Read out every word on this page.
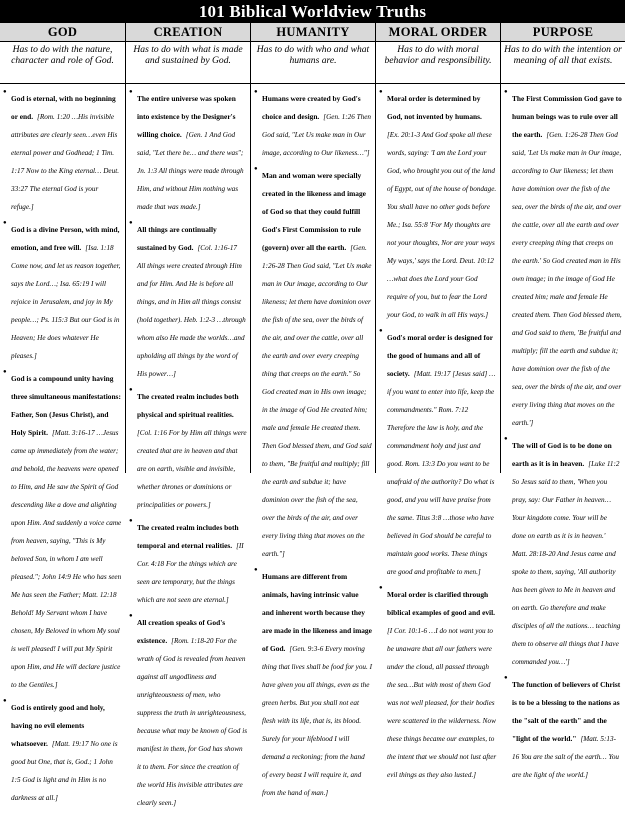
101 Biblical Worldview Truths
GOD
Has to do with the nature, character and role of God.
● God is eternal, with no beginning or end. [Rom. 1:20 …His invisible attributes are clearly seen…even His eternal power and Godhead; 1 Tim. 1:17 Now to the King eternal… Deut. 33:27 The eternal God is your refuge.]
● God is a divine Person, with mind, emotion, and free will. [Isa. 1:18 Come now, and let us reason together, says the Lord…; Isa. 65:19 I will rejoice in Jerusalem, and joy in My people…; Ps. 115:3 But our God is in Heaven; He does whatever He pleases.]
● God is a compound unity having three simultaneous manifestations: Father, Son (Jesus Christ), and Holy Spirit. [Matt. 3:16-17 …Jesus came up immediately from the water; and behold, the heavens were opened to Him, and He saw the Spirit of God descending like a dove and alighting upon Him. And suddenly a voice came from heaven, saying, "This is My beloved Son, in whom I am well pleased."; John 14:9 He who has seen Me has seen the Father; Matt. 12:18 Behold! My Servant whom I have chosen, My Beloved in whom My soul is well pleased! I will put My Spirit upon Him, and He will declare justice to the Gentiles.]
● God is entirely good and holy, having no evil elements whatsoever. [Matt. 19:17 No one is good but One, that is, God.; 1 John 1:5 God is light and in Him is no darkness at all.]
CREATION
Has to do with what is made and sustained by God.
● The entire universe was spoken into existence by the Designer's willing choice. [Gen. 1 And God said, "Let there be… and there was"; Jn. 1:3 All things were made through Him, and without Him nothing was made that was made.]
● All things are continually sustained by God. [Col. 1:16-17 All things were created through Him and for Him. And He is before all things, and in Him all things consist (hold together). Heb. 1:2-3 …through whom also He made the worlds…and upholding all things by the word of His power…]
● The created realm includes both physical and spiritual realities. [Col. 1:16 For by Him all things were created that are in heaven and that are on earth, visible and invisible, whether thrones or dominions or principalities or powers.]
● The created realm includes both temporal and eternal realities. [II Cor. 4:18 For the things which are seen are temporary, but the things which are not seen are eternal.]
● All creation speaks of God's existence. [Rom. 1:18-20 For the wrath of God is revealed from heaven against all ungodliness and unrighteousness of men, who suppress the truth in unrighteousness, because what may be known of God is manifest in them, for God has shown it to them. For since the creation of the world His invisible attributes are clearly seen.]
HUMANITY
Has to do with who and what humans are.
● Humans were created by God's choice and design. [Gen. 1:26 Then God said, "Let Us make man in Our image, according to Our likeness…"]
● Man and woman were specially created in the likeness and image of God so that they could fulfill God's First Commission to rule (govern) over all the earth. [Gen. 1:26-28 Then God said, "Let Us make man in Our image, according to Our likeness; let them have dominion over the fish of the sea, over the birds of the air, and over the cattle, over all the earth and over every creeping thing that creeps on the earth." So God created man in His own image; in the image of God He created him; male and female He created them. Then God blessed them, and God said to them, "Be fruitful and multiply; fill the earth and subdue it; have dominion over the fish of the sea, over the birds of the air, and over every living thing that moves on the earth."]
● Humans are different from animals, having intrinsic value and inherent worth because they are made in the likeness and image of God. [Gen. 9:3-6 Every moving thing that lives shall be food for you. I have given you all things, even as the green herbs. But you shall not eat flesh with its life, that is, its blood. Surely for your lifeblood I will demand a reckoning; from the hand of every beast I will require it, and from the hand of man.]
MORAL ORDER
Has to do with moral behavior and responsibility.
● Moral order is determined by God, not invented by humans. [Ex. 20:1-3 And God spoke all these words, saying: 'I am the Lord your God, who brought you out of the land of Egypt, out of the house of bondage. You shall have no other gods before Me.; Isa. 55:8 'For My thoughts are not your thoughts, Nor are your ways My ways,' says the Lord. Deut. 10:12 …what does the Lord your God require of you, but to fear the Lord your God, to walk in all His ways.]
● God's moral order is designed for the good of humans and all of society. [Matt. 19:17 [Jesus said] …if you want to enter into life, keep the commandments." Rom. 7:12 Therefore the law is holy, and the commandment holy and just and good. Rom. 13:3 Do you want to be unafraid of the authority? Do what is good, and you will have praise from the same. Titus 3:8 …those who have believed in God should be careful to maintain good works. These things are good and profitable to men.]
● Moral order is clarified through biblical examples of good and evil. [I Cor. 10:1-6 …I do not want you to be unaware that all our fathers were under the cloud, all passed through the sea…But with most of them God was not well pleased, for their bodies were scattered in the wilderness. Now these things became our examples, to the intent that we should not lust after evil things as they also lusted.]
PURPOSE
Has to do with the intention or meaning of all that exists.
● The First Commission God gave to human beings was to rule over all the earth. [Gen. 1:26-28 Then God said, 'Let Us make man in Our image, according to Our likeness; let them have dominion over the fish of the sea, over the birds of the air, and over the cattle, over all the earth and over every creeping thing that creeps on the earth.' So God created man in His own image; in the image of God He created him; male and female He created them. Then God blessed them, and God said to them, 'Be fruitful and multiply; fill the earth and subdue it; have dominion over the fish of the sea, over the birds of the air, and over every living thing that moves on the earth.']
● The will of God is to be done on earth as it is in heaven. [Luke 11:2 So Jesus said to them, 'When you pray, say: Our Father in heaven… Your kingdom come. Your will be done on earth as it is in heaven.' Matt. 28:18-20 And Jesus came and spoke to them, saying, 'All authority has been given to Me in heaven and on earth. Go therefore and make disciples of all the nations… teaching them to observe all things that I have commanded you…']
● The function of believers of Christ is to be a blessing to the nations as the "salt of the earth" and the "light of the world." [Matt. 5:13-16 You are the salt of the earth… You are the light of the world.]
